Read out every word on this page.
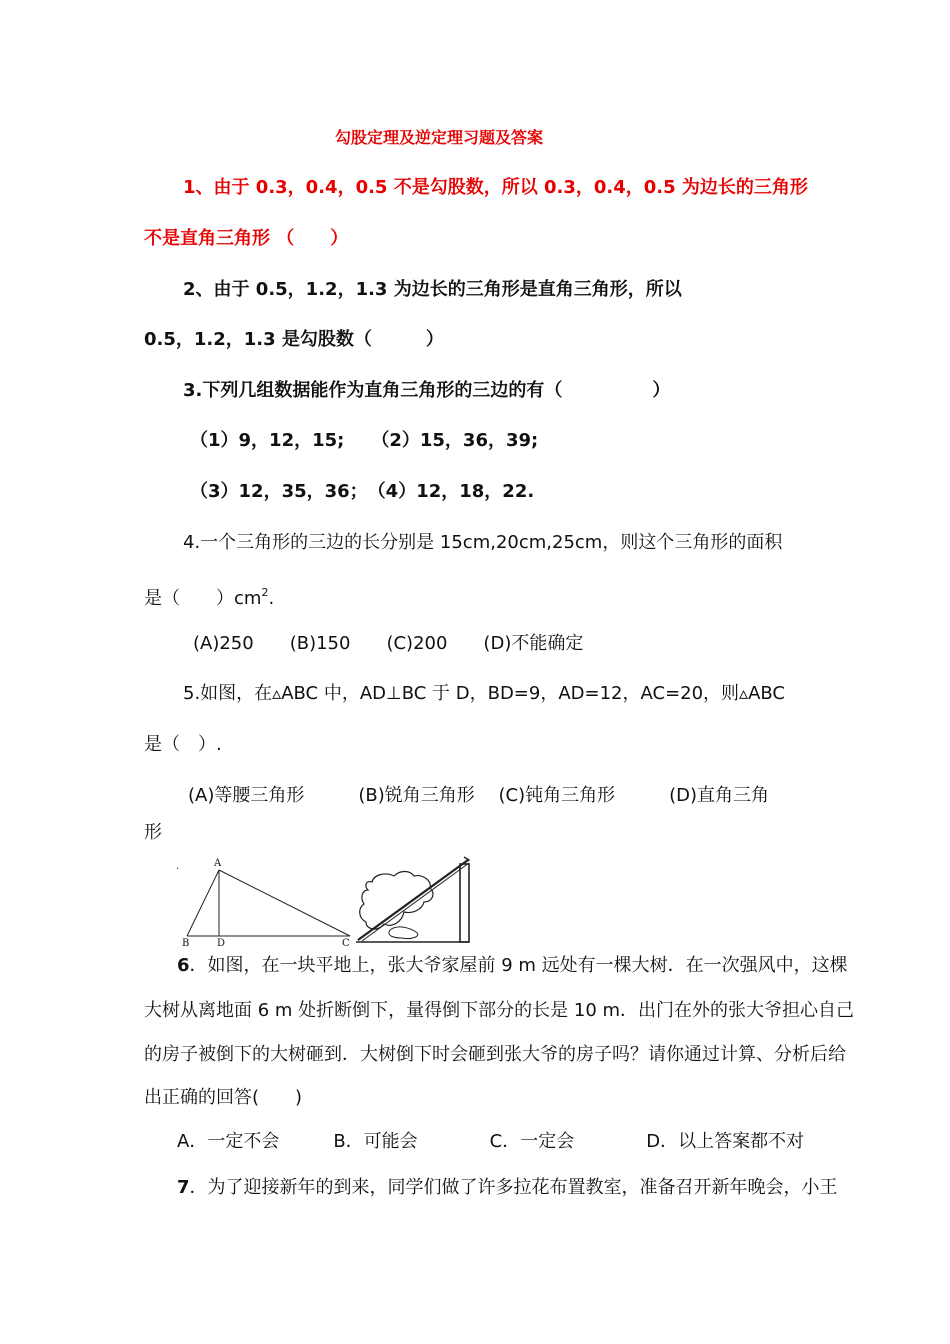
勾股定理及逆定理习题及答案
1、由于 0.3，0.4，0.5 不是勾股数，所以 0.3，0.4，0.5 为边长的三角形
不是直角三角形 （　　）
2、由于 0.5，1.2，1.3 为边长的三角形是直角三角形，所以
0.5，1.2，1.3 是勾股数（　　　）
3.下列几组数据能作为直角三角形的三边的有（　　　　　）
（1）9，12，15;　　（2）15，36，39;
（3）12，35，36；　（4）12，18，22.
4.一个三角形的三边的长分别是 15cm,20cm,25cm，则这个三角形的面积
是（　　）$cm^2$.
(A)250　　(B)150　　(C)200　　(D)不能确定
5.如图，在▵ABC 中，AD⊥BC 于 D，BD=9，AD=12，AC=20，则▵ABC
是（　）.
(A)等腰三角形　　　(B)锐角三角形　 (C)钝角三角形　　　(D)直角三角
形
.	A
B	D	C
6．如图，在一块平地上，张大爷家屋前 9 m 远处有一棵大树．在一次强风中，这棵
大树从离地面 6 m 处折断倒下，量得倒下部分的长是 10 m．出门在外的张大爷担心自己
的房子被倒下的大树砸到．大树倒下时会砸到张大爷的房子吗？请你通过计算、分析后给
出正确的回答(　　)
A．一定不会　　　B．可能会　　　　C．一定会　　　　D．以上答案都不对
7．为了迎接新年的到来，同学们做了许多拉花布置教室，准备召开新年晚会，小王
